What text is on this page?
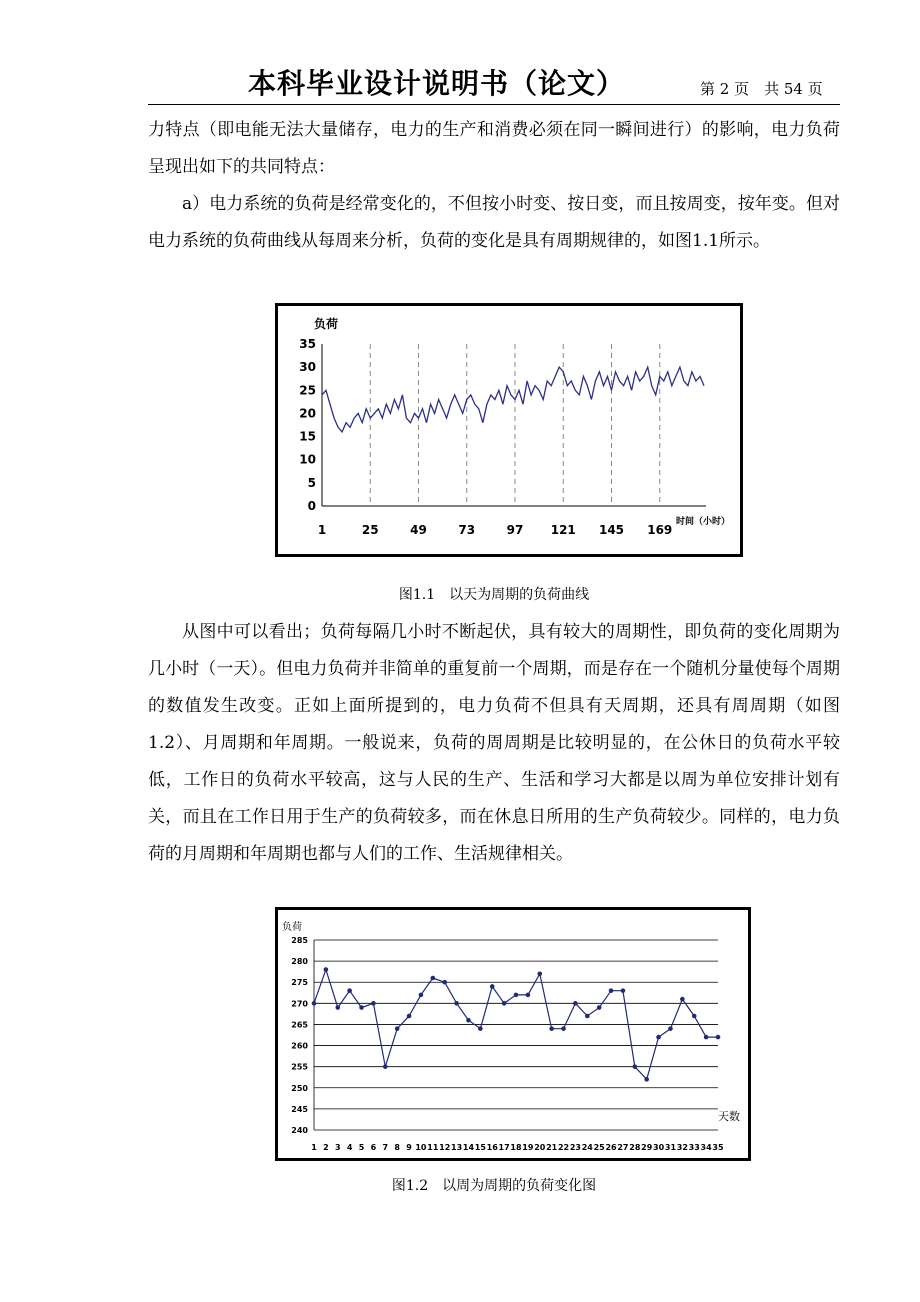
本科毕业设计说明书（论文）	第 2 页　共 54 页

力特点（即电能无法大量储存，电力的生产和消费必须在同一瞬间进行）的影响，电力负荷呈现出如下的共同特点：

a）电力系统的负荷是经常变化的，不但按小时变、按日变，而且按周变，按年变。但对电力系统的负荷曲线从每周来分析，负荷的变化是具有周期规律的，如图1.1所示。

负荷
0
5
10
15
20
25
30
35
1	25	49	73	97 121 145 169
时间（小时）
图1.1　以天为周期的负荷曲线

从图中可以看出；负荷每隔几小时不断起伏，具有较大的周期性，即负荷的变化周期为几小时（一天）。但电力负荷并非简单的重复前一个周期，而是存在一个随机分量使每个周期的数值发生改变。正如上面所提到的，电力负荷不但具有天周期，还具有周周期（如图1.2）、月周期和年周期。一般说来，负荷的周周期是比较明显的，在公休日的负荷水平较低，工作日的负荷水平较高，这与人民的生产、生活和学习大都是以周为单位安排计划有关，而且在工作日用于生产的负荷较多，而在休息日所用的生产负荷较少。同样的，电力负荷的月周期和年周期也都与人们的工作、生活规律相关。

负荷
240
245
250
255
260
265
270
275
280
285
1 2 3 4 5 6 7 8 9 10 11 12 13 14 15 16 17 18 19 20 21 22 23 24 25 26 27 28 29 30 31 32 33 34 35
天数
图1.2　以周为周期的负荷变化图
